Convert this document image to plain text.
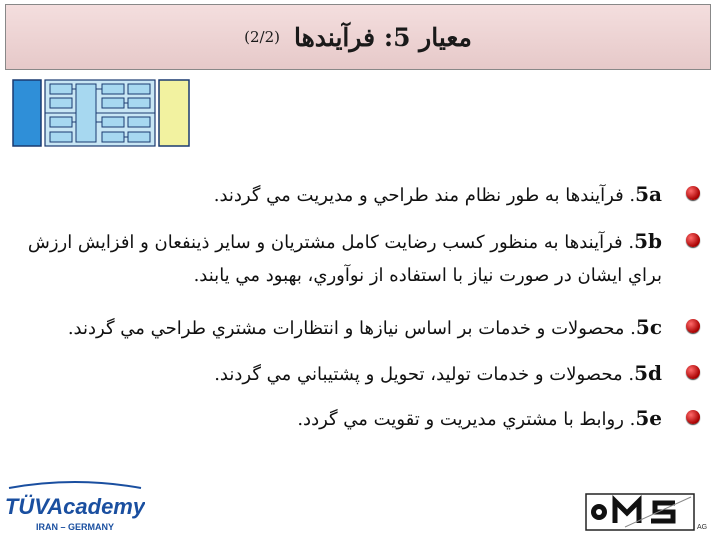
معيار 5: فرآيندها
(2/2)
5a. فرآيندها به طور نظام مند طراحي و مديريت مي گردند.
5b. فرآيندها به منظور كسب رضايت كامل مشتريان و ساير ذينفعان و افزايش ارزش براي ايشان در صورت نياز با استفاده از نوآوري، بهبود مي يابند.
5c. محصولات و خدمات بر اساس نيازها و انتظارات مشتري طراحي مي گردند.
5d. محصولات و خدمات توليد، تحويل و پشتيباني مي گردند.
5e. روابط با مشتري مديريت و تقويت مي گردد.
TÜVAcademy
IRAN – GERMANY	AG
